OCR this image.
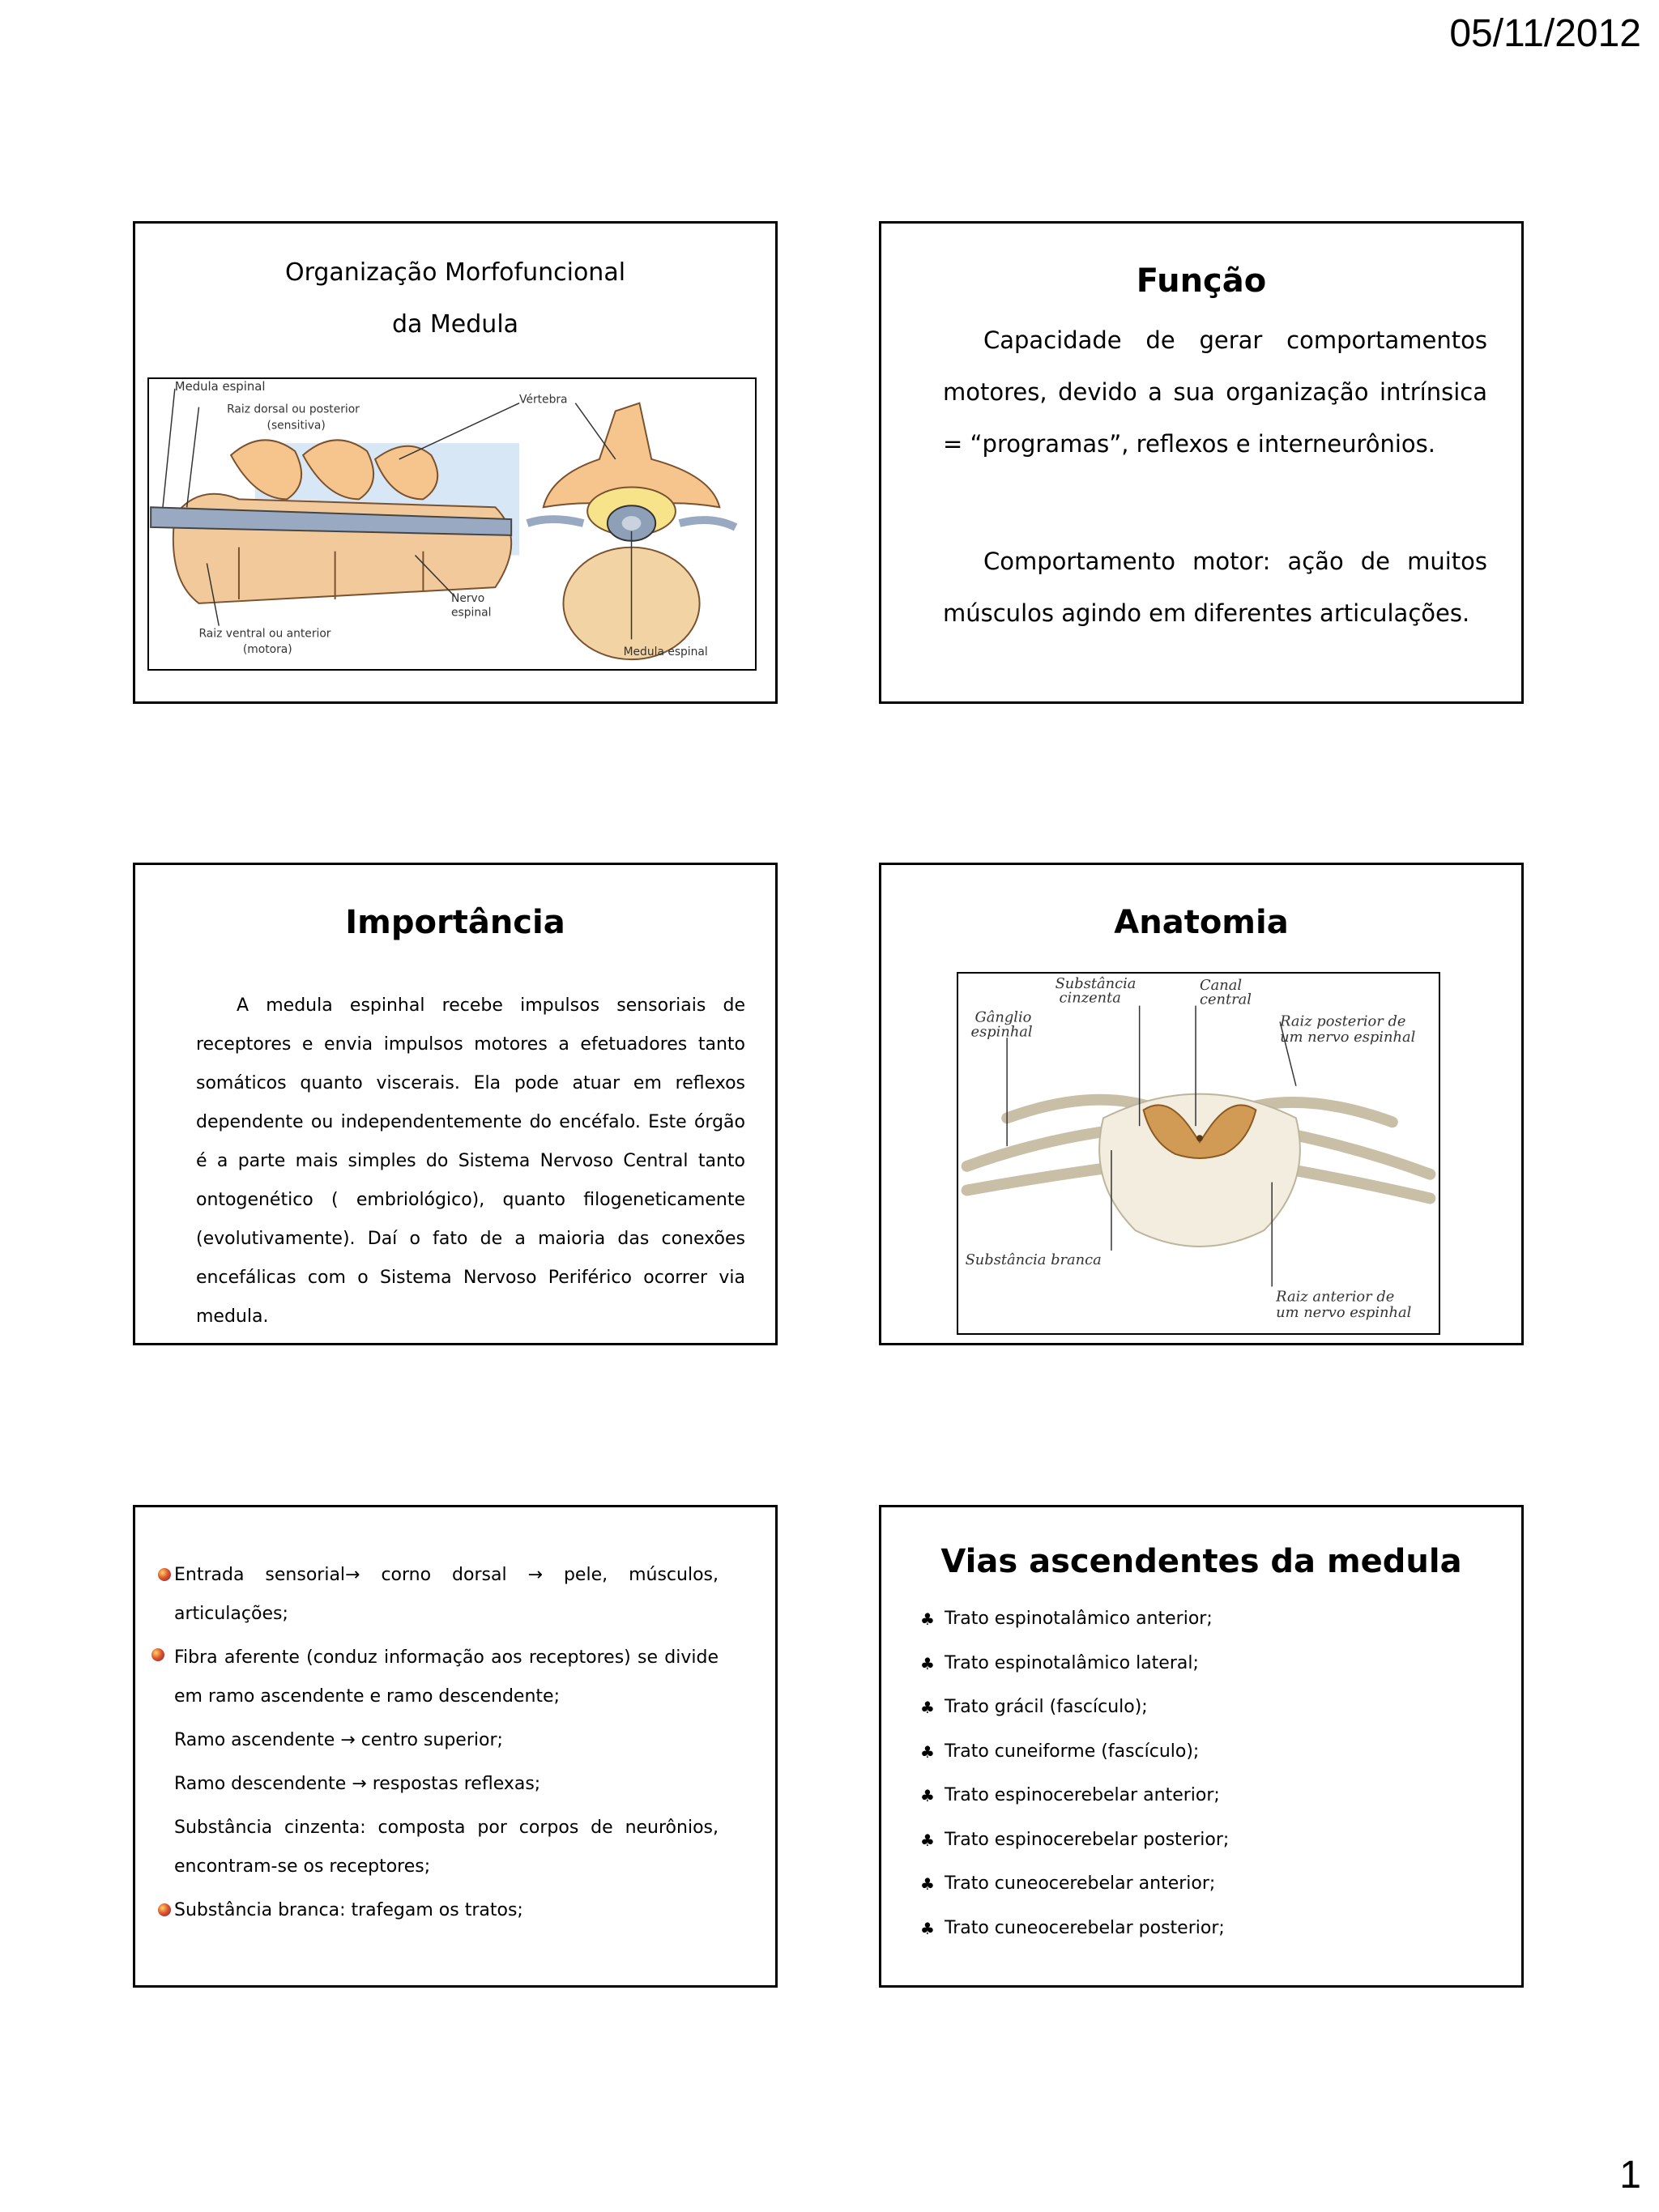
05/11/2012
Organização Morfofuncional
da Medula
Medula espinal
Raiz dorsal ou posterior
(sensitiva)
Vértebra
Nervo
espinal
Raiz ventral ou anterior
(motora)	Medula espinal
Função
Capacidade de gerar comportamentos motores, devido a sua organização intrínsica = “programas”, reflexos e interneurônios.
Comportamento motor: ação de muitos músculos agindo em diferentes articulações.
Importância
A medula espinhal recebe impulsos sensoriais de receptores e envia impulsos motores a efetuadores tanto somáticos quanto viscerais. Ela pode atuar em reflexos dependente ou independentemente do encéfalo. Este órgão é a parte mais simples do Sistema Nervoso Central tanto ontogenético ( embriológico), quanto filogeneticamente (evolutivamente). Daí o fato de a maioria das conexões encefálicas com o Sistema Nervoso Periférico ocorrer via medula.
Anatomia
Substância
cinzenta
Canal
central
Gânglio
espinhal
Raiz posterior de
um nervo espinhal
Substância branca
Raiz anterior de
um nervo espinhal
Entrada sensorial→ corno dorsal → pele, músculos, articulações;
Fibra aferente (conduz informação aos receptores) se divide em ramo ascendente e ramo descendente;
Ramo ascendente → centro superior;
Ramo descendente → respostas reflexas;
Substância cinzenta: composta por corpos de neurônios, encontram-se os receptores;
Substância branca: trafegam os tratos;
Vias ascendentes da medula
♣ Trato espinotalâmico anterior;
♣ Trato espinotalâmico lateral;
♣ Trato grácil (fascículo);
♣ Trato cuneiforme (fascículo);
♣ Trato espinocerebelar anterior;
♣ Trato espinocerebelar posterior;
♣ Trato cuneocerebelar anterior;
♣ Trato cuneocerebelar posterior;
1
